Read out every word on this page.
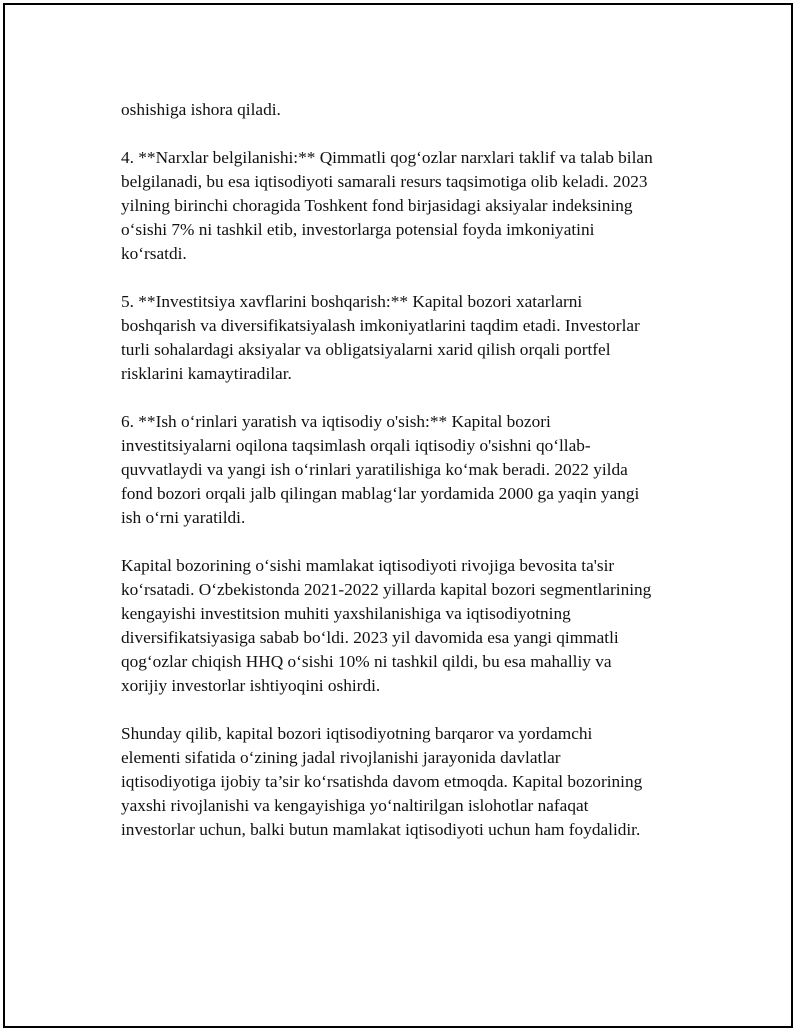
oshishiga ishora qiladi.

4. **Narxlar belgilanishi:** Qimmatli qog‘ozlar narxlari taklif va talab bilan
belgilanadi, bu esa iqtisodiyoti samarali resurs taqsimotiga olib keladi. 2023
yilning birinchi choragida Toshkent fond birjasidagi aksiyalar indeksining
o‘sishi 7% ni tashkil etib, investorlarga potensial foyda imkoniyatini
ko‘rsatdi.

5. **Investitsiya xavflarini boshqarish:** Kapital bozori xatarlarni
boshqarish va diversifikatsiyalash imkoniyatlarini taqdim etadi. Investorlar
turli sohalardagi aksiyalar va obligatsiyalarni xarid qilish orqali portfel
risklarini kamaytiradilar.

6. **Ish o‘rinlari yaratish va iqtisodiy o'sish:** Kapital bozori
investitsiyalarni oqilona taqsimlash orqali iqtisodiy o'sishni qo‘llab-
quvvatlaydi va yangi ish o‘rinlari yaratilishiga ko‘mak beradi. 2022 yilda
fond bozori orqali jalb qilingan mablag‘lar yordamida 2000 ga yaqin yangi
ish o‘rni yaratildi.

Kapital bozorining o‘sishi mamlakat iqtisodiyoti rivojiga bevosita ta'sir
ko‘rsatadi. O‘zbekistonda 2021-2022 yillarda kapital bozori segmentlarining
kengayishi investitsion muhiti yaxshilanishiga va iqtisodiyotning
diversifikatsiyasiga sabab bo‘ldi. 2023 yil davomida esa yangi qimmatli
qog‘ozlar chiqish HHQ o‘sishi 10% ni tashkil qildi, bu esa mahalliy va
xorijiy investorlar ishtiyoqini oshirdi.

Shunday qilib, kapital bozori iqtisodiyotning barqaror va yordamchi
elementi sifatida o‘zining jadal rivojlanishi jarayonida davlatlar
iqtisodiyotiga ijobiy ta’sir ko‘rsatishda davom etmoqda. Kapital bozorining
yaxshi rivojlanishi va kengayishiga yo‘naltirilgan islohotlar nafaqat
investorlar uchun, balki butun mamlakat iqtisodiyoti uchun ham foydalidir.
